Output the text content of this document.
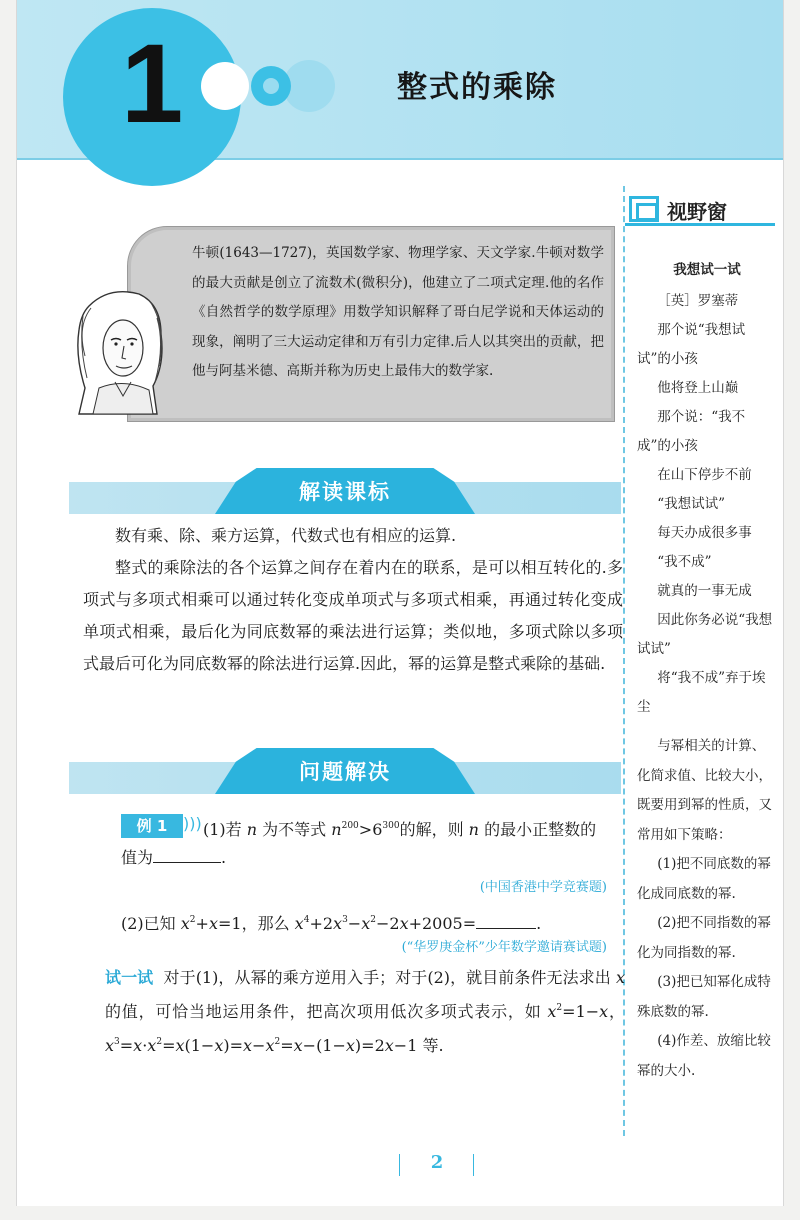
1	整式的乘除
视野窗
我想试一试
［英］罗塞蒂
那个说“我想试试”的小孩
他将登上山巅
那个说：“我不成”的小孩
在山下停步不前
“我想试试”
每天办成很多事
“我不成”
就真的一事无成
因此你务必说“我想试试”
将“我不成”弃于埃尘
与幂相关的计算、化简求值、比较大小，既要用到幂的性质，又常用如下策略：
(1)把不同底数的幂化成同底数的幂.
(2)把不同指数的幂化为同指数的幂.
(3)把已知幂化成特殊底数的幂.
(4)作差、放缩比较幂的大小.
牛顿(1643—1727)，英国数学家、物理学家、天文学家.牛顿对数学的最大贡献是创立了流数术(微积分)，他建立了二项式定理.他的名作《自然哲学的数学原理》用数学知识解释了哥白尼学说和天体运动的现象，阐明了三大运动定律和万有引力定律.后人以其突出的贡献，把他与阿基米德、高斯并称为历史上最伟大的数学家.
解读课标
数有乘、除、乘方运算，代数式也有相应的运算.
整式的乘除法的各个运算之间存在着内在的联系，是可以相互转化的.多项式与多项式相乘可以通过转化变成单项式与多项式相乘，再通过转化变成单项式相乘，最后化为同底数幂的乘法进行运算；类似地，多项式除以多项式最后可化为同底数幂的除法进行运算.因此，幂的运算是整式乘除的基础.
问题解决
例 1 ))) (1)若 n 为不等式 $n^{200}>6^{300}$的解，则 n 的最小正整数的
值为	.
(中国香港中学竞赛题)
(2)已知 $x^2+x=1$，那么 $x^4+2x^3-x^2-2x+2005=$	.
(“华罗庚金杯”少年数学邀请赛试题)
试一试 对于(1)，从幂的乘方逆用入手；对于(2)，就目前条件无法求出 x 的值，可恰当地运用条件，把高次项用低次多项式表示，如 $x^2=1-x$，$x^3=x\cdot x^2=x(1-x)=x-x^2=x-(1-x)=2x-1$ 等.
2
